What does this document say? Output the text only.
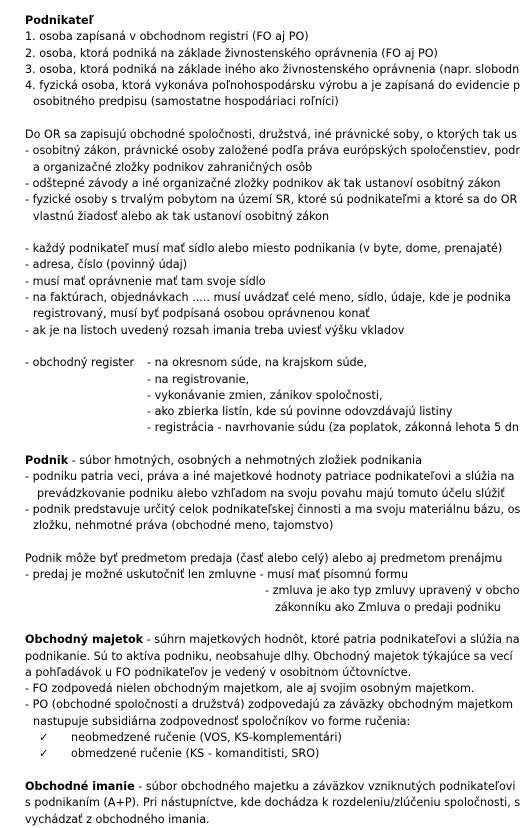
Podnikateľ
1. osoba zapísaná v obchodnom registri (FO aj PO)
2. osoba, ktorá podniká na základe živnostenského oprávnenia (FO aj PO)
3. osoba, ktorá podniká na základe iného ako živnostenského oprávnenia (napr. slobodn
4. fyzická osoba, ktorá vykonáva poľnohospodársku výrobu a je zapísaná do evidencie p
osobitného predpisu (samostatne hospodáriaci roľníci)
Do OR sa zapisujú obchodné spoločnosti, družstvá, iné právnické soby, o ktorých tak us
- osobitný zákon, právnické osoby založené podľa práva európských spoločenstiev, podr
a organizačné zložky podnikov zahraničných osôb
- odštepné závody a iné organizačné zložky podnikov ak tak ustanoví osobitný zákon
- fyzické osoby s trvalým pobytom na území SR, ktoré sú podnikateľmi a ktoré sa do OR
vlastnú žiadosť alebo ak tak ustanoví osobitný zákon
- každý podnikateľ musí mať sídlo alebo miesto podnikania (v byte, dome, prenajaté)
- adresa, číslo (povinný údaj)
- musí mať oprávnenie mať tam svoje sídlo
- na faktúrach, objednávkach ..... musí uvádzať celé meno, sídlo, údaje, kde je podnika
registrovaný, musí byť podpísaná osobou oprávnenou konať
- ak je na listoch uvedený rozsah imania treba uviesť výšku vkladov
- obchodný register - na okresnom súde, na krajskom súde,
- na registrovanie,
- vykonávanie zmien, zánikov spoločnosti,
- ako zbierka listín, kde sú povinne odovzdávajú listiny
- registrácia - navrhovanie súdu (za poplatok, zákonná lehota 5 dn
Podnik - súbor hmotných, osobných a nehmotných zložiek podnikania
- podniku patria veci, práva a iné majetkové hodnoty patriace podnikateľovi a slúžia na
prevádzkovanie podniku alebo vzhľadom na svoju povahu majú tomuto účelu slúžiť
- podnik predstavuje určitý celok podnikateľskej činnosti a ma svoju materiálnu bázu, os
zložku, nehmotné práva (obchodné meno, tajomstvo)
Podnik môže byť predmetom predaja (časť alebo celý) alebo aj predmetom prenájmu
- predaj je možné uskutočniť len zmluvne - musí mať písomnú formu
- zmluva je ako typ zmluvy upravený v obcho
zákonníku ako Zmluva o predaji podniku
Obchodný majetok - súhrn majetkových hodnôt, ktoré patria podnikateľovi a slúžia na
podnikanie. Sú to aktíva podniku, neobsahuje dlhy. Obchodný majetok týkajúce sa vecí
a pohľadávok u FO podnikateľov je vedený v osobitnom účtovníctve.
- FO zodpovedá nielen obchodným majetkom, ale aj svojim osobným majetkom.
- PO (obchodné spoločnosti a družstvá) zodpovedajú za záväzky obchodným majetkom
nastupuje subsidiárna zodpovednosť spoločníkov vo forme ručenia:
✓ neobmedzené ručenie (VOS, KS-komplementári)
✓ obmedzené ručenie (KS - komanditisti, SRO)
Obchodné imanie - súbor obchodného majetku a záväzkov vzniknutých podnikateľovi
s podnikaním (A+P). Pri nástupníctve, kde dochádza k rozdeleniu/zlúčeniu spoločnosti, s
vychádzať z obchodného imania.
